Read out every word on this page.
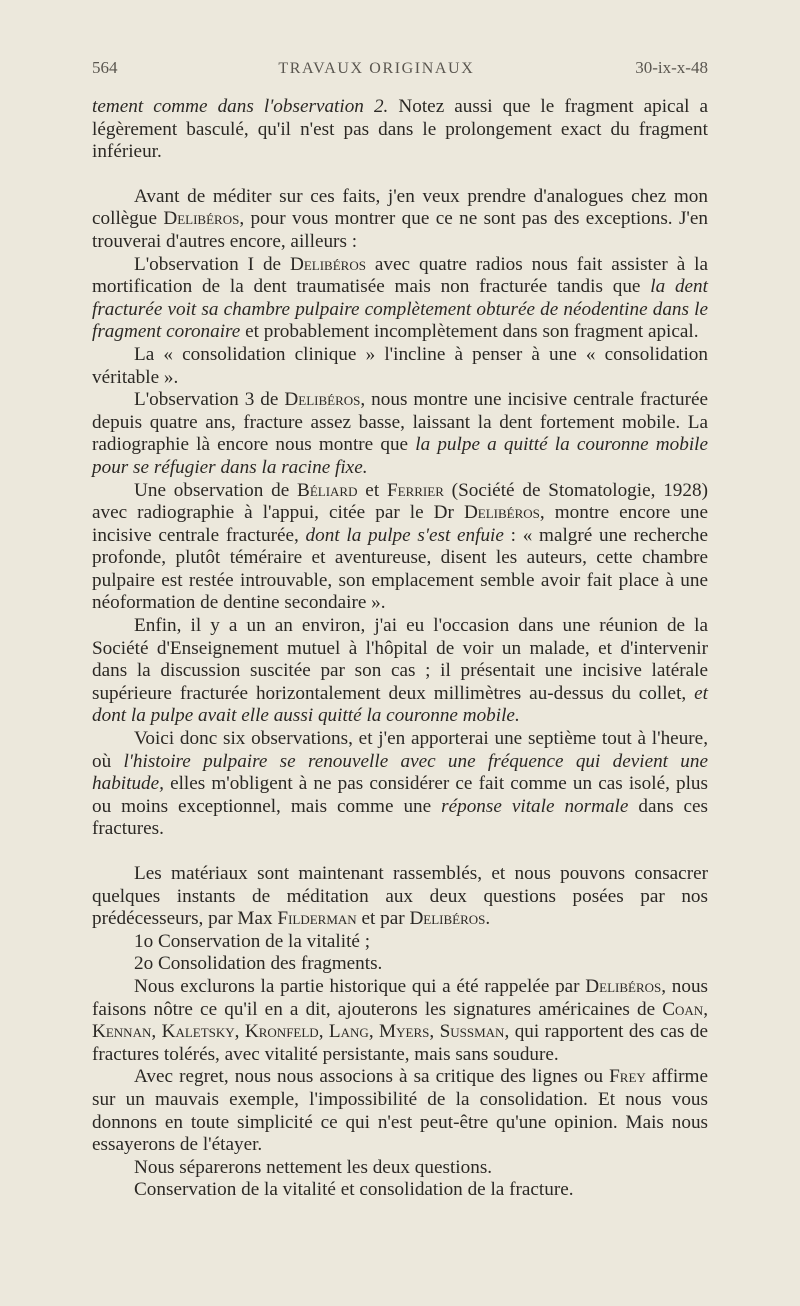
564	TRAVAUX ORIGINAUX	30-ix-x-48

tement comme dans l'observation 2. Notez aussi que le fragment apical a légèrement basculé, qu'il n'est pas dans le prolongement exact du fragment inférieur.

Avant de méditer sur ces faits, j'en veux prendre d'analogues chez mon collègue Delibéros, pour vous montrer que ce ne sont pas des exceptions. J'en trouverai d'autres encore, ailleurs :

L'observation I de Delibéros avec quatre radios nous fait assister à la mortification de la dent traumatisée mais non fracturée tandis que la dent fracturée voit sa chambre pulpaire complètement obturée de néodentine dans le fragment coronaire et probablement incomplètement dans son fragment apical.

La « consolidation clinique » l'incline à penser à une « consolidation véritable ».

L'observation 3 de Delibéros, nous montre une incisive centrale fracturée depuis quatre ans, fracture assez basse, laissant la dent fortement mobile. La radiographie là encore nous montre que la pulpe a quitté la couronne mobile pour se réfugier dans la racine fixe.

Une observation de Béliard et Ferrier (Société de Stomatologie, 1928) avec radiographie à l'appui, citée par le Dr Delibéros, montre encore une incisive centrale fracturée, dont la pulpe s'est enfuie : « malgré une recherche profonde, plutôt téméraire et aventureuse, disent les auteurs, cette chambre pulpaire est restée introuvable, son emplacement semble avoir fait place à une néoformation de dentine secondaire ».

Enfin, il y a un an environ, j'ai eu l'occasion dans une réunion de la Société d'Enseignement mutuel à l'hôpital de voir un malade, et d'intervenir dans la discussion suscitée par son cas ; il présentait une incisive latérale supérieure fracturée horizontalement deux millimètres au-dessus du collet, et dont la pulpe avait elle aussi quitté la couronne mobile.

Voici donc six observations, et j'en apporterai une septième tout à l'heure, où l'histoire pulpaire se renouvelle avec une fréquence qui devient une habitude, elles m'obligent à ne pas considérer ce fait comme un cas isolé, plus ou moins exceptionnel, mais comme une réponse vitale normale dans ces fractures.

Les matériaux sont maintenant rassemblés, et nous pouvons consacrer quelques instants de méditation aux deux questions posées par nos prédécesseurs, par Max Filderman et par Delibéros.

1o Conservation de la vitalité ;

2o Consolidation des fragments.

Nous exclurons la partie historique qui a été rappelée par Delibéros, nous faisons nôtre ce qu'il en a dit, ajouterons les signatures américaines de Coan, Kennan, Kaletsky, Kronfeld, Lang, Myers, Sussman, qui rapportent des cas de fractures tolérés, avec vitalité persistante, mais sans soudure.

Avec regret, nous nous associons à sa critique des lignes ou Frey affirme sur un mauvais exemple, l'impossibilité de la consolidation. Et nous vous donnons en toute simplicité ce qui n'est peut-être qu'une opinion. Mais nous essayerons de l'étayer.

Nous séparerons nettement les deux questions.

Conservation de la vitalité et consolidation de la fracture.
